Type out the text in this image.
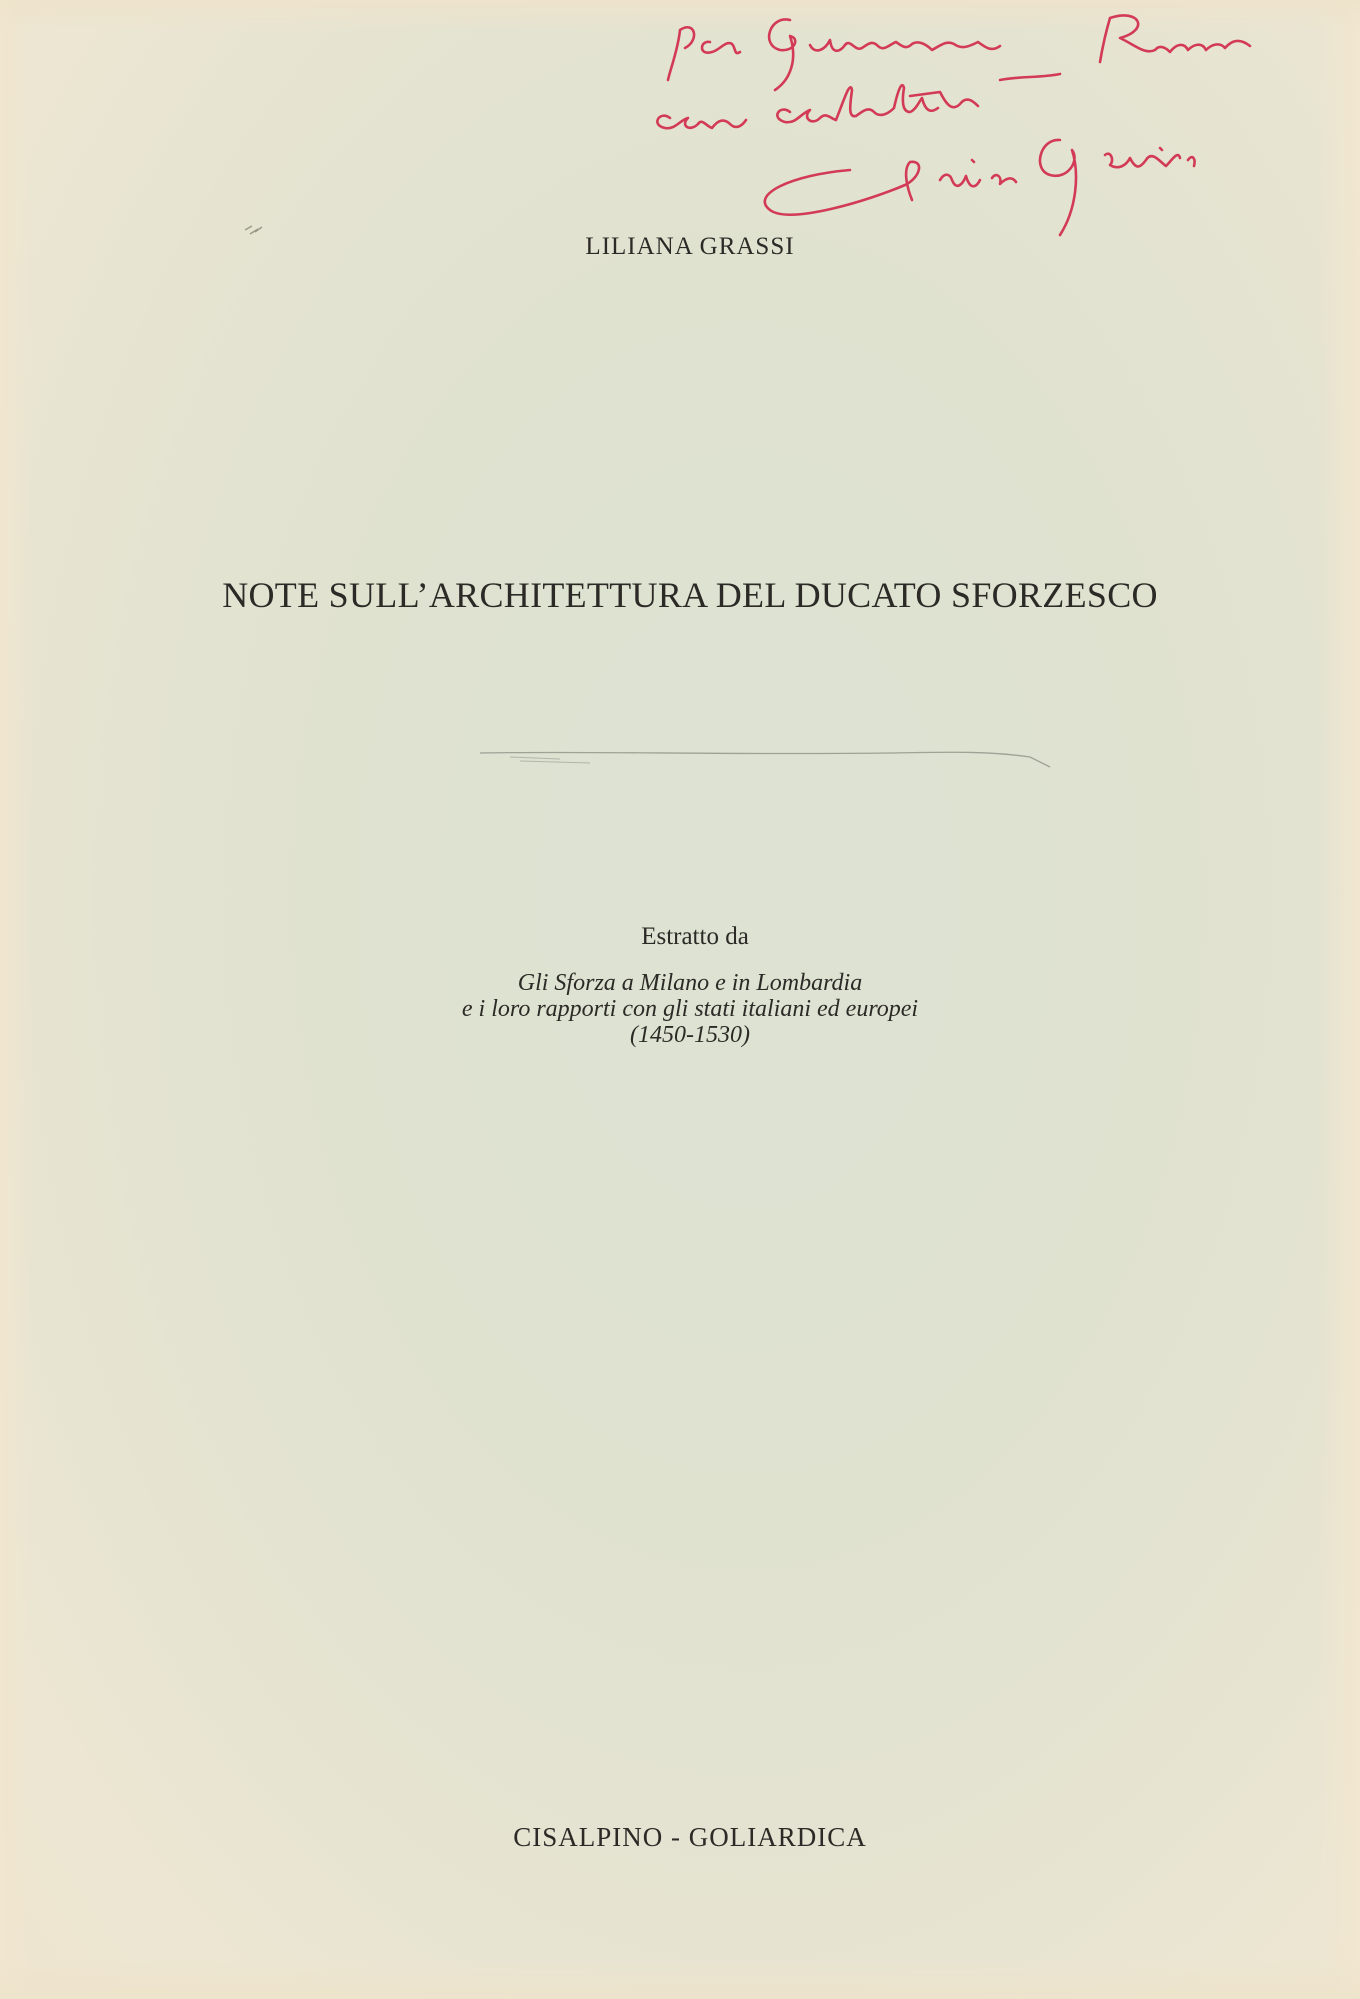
LILIANA GRASSI
NOTE SULL’ARCHITETTURA DEL DUCATO SFORZESCO
Estratto da
Gli Sforza a Milano e in Lombardia
e i loro rapporti con gli stati italiani ed europei
(1450-1530)
CISALPINO - GOLIARDICA
